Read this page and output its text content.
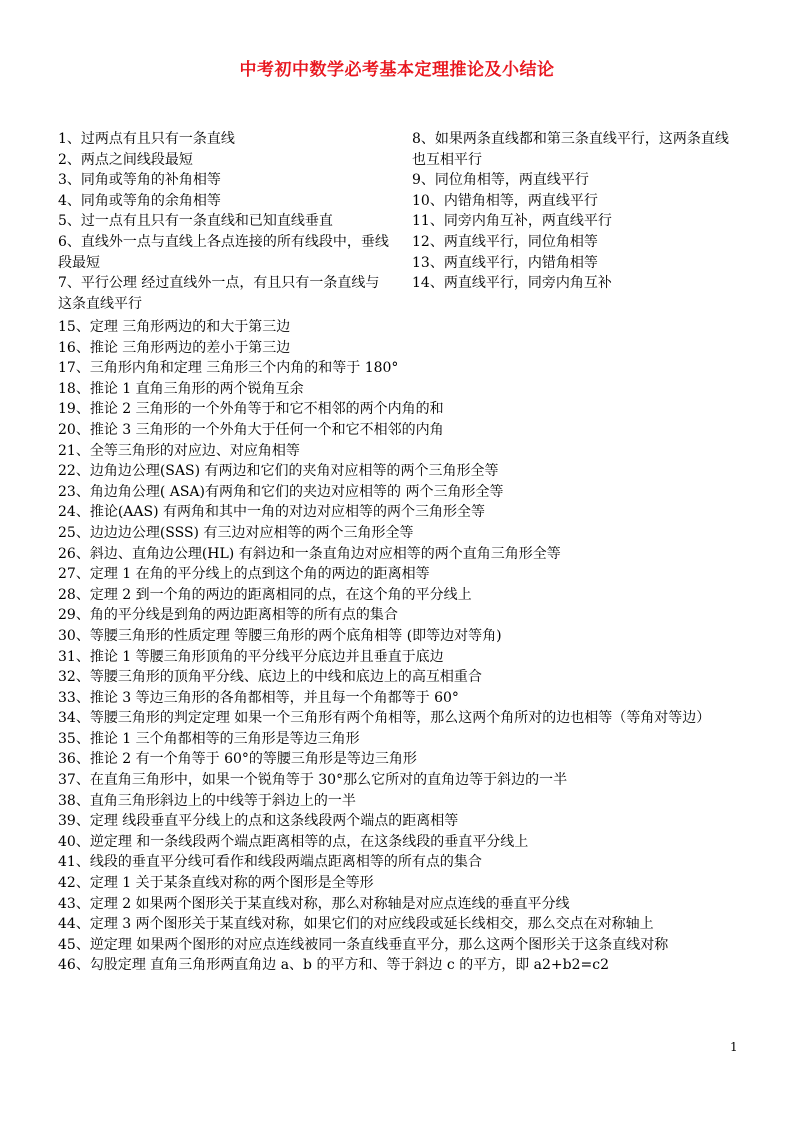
中考初中数学必考基本定理推论及小结论

1、过两点有且只有一条直线

2、两点之间线段最短

3、同角或等角的补角相等

4、同角或等角的余角相等

5、过一点有且只有一条直线和已知直线垂直

6、直线外一点与直线上各点连接的所有线段中，垂线段最短

7、平行公理 经过直线外一点，有且只有一条直线与这条直线平行

8、如果两条直线都和第三条直线平行，这两条直线也互相平行

9、同位角相等，两直线平行

10、内错角相等，两直线平行

11、同旁内角互补，两直线平行

12、两直线平行，同位角相等

13、两直线平行，内错角相等

14、两直线平行，同旁内角互补

15、定理 三角形两边的和大于第三边

16、推论 三角形两边的差小于第三边

17、三角形内角和定理 三角形三个内角的和等于 180°

18、推论 1 直角三角形的两个锐角互余

19、推论 2 三角形的一个外角等于和它不相邻的两个内角的和

20、推论 3 三角形的一个外角大于任何一个和它不相邻的内角

21、全等三角形的对应边、对应角相等

22、边角边公理(SAS) 有两边和它们的夹角对应相等的两个三角形全等

23、角边角公理( ASA)有两角和它们的夹边对应相等的 两个三角形全等

24、推论(AAS) 有两角和其中一角的对边对应相等的两个三角形全等

25、边边边公理(SSS) 有三边对应相等的两个三角形全等

26、斜边、直角边公理(HL) 有斜边和一条直角边对应相等的两个直角三角形全等

27、定理 1 在角的平分线上的点到这个角的两边的距离相等

28、定理 2 到一个角的两边的距离相同的点，在这个角的平分线上

29、角的平分线是到角的两边距离相等的所有点的集合

30、等腰三角形的性质定理 等腰三角形的两个底角相等 (即等边对等角)

31、推论 1 等腰三角形顶角的平分线平分底边并且垂直于底边

32、等腰三角形的顶角平分线、底边上的中线和底边上的高互相重合

33、推论 3 等边三角形的各角都相等，并且每一个角都等于 60°

34、等腰三角形的判定定理 如果一个三角形有两个角相等，那么这两个角所对的边也相等（等角对等边）

35、推论 1 三个角都相等的三角形是等边三角形

36、推论 2 有一个角等于 60°的等腰三角形是等边三角形

37、在直角三角形中，如果一个锐角等于 30°那么它所对的直角边等于斜边的一半

38、直角三角形斜边上的中线等于斜边上的一半

39、定理 线段垂直平分线上的点和这条线段两个端点的距离相等

40、逆定理 和一条线段两个端点距离相等的点，在这条线段的垂直平分线上

41、线段的垂直平分线可看作和线段两端点距离相等的所有点的集合

42、定理 1 关于某条直线对称的两个图形是全等形

43、定理 2 如果两个图形关于某直线对称，那么对称轴是对应点连线的垂直平分线

44、定理 3 两个图形关于某直线对称，如果它们的对应线段或延长线相交，那么交点在对称轴上

45、逆定理 如果两个图形的对应点连线被同一条直线垂直平分，那么这两个图形关于这条直线对称

46、勾股定理 直角三角形两直角边 a、b 的平方和、等于斜边 c 的平方，即 a2+b2=c2

1
